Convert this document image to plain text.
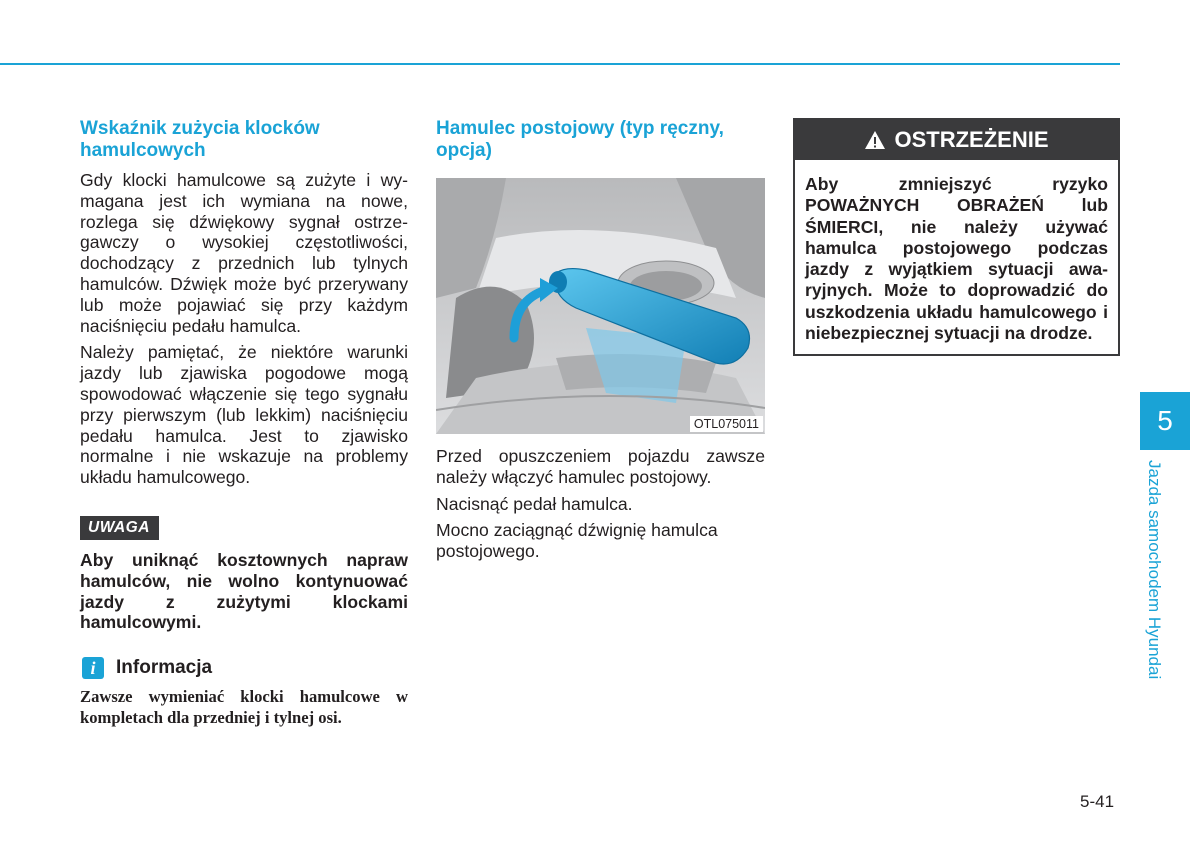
Wskaźnik zużycia klocków hamulcowych

Gdy klocki hamulcowe są zużyte i wymagana jest ich wymiana na nowe, rozlega się dźwiękowy sygnał ostrzegawczy o wysokiej częstotliwości, dochodzący z przednich lub tylnych hamulców. Dźwięk może być przerywany lub może pojawiać się przy każdym naciśnięciu pedału hamulca.

Należy pamiętać, że niektóre warunki jazdy lub zjawiska pogodowe mogą spowodować włączenie się tego sygnału przy pierwszym (lub lekkim) naciśnięciu pedału hamulca. Jest to zjawisko normalne i nie wskazuje na problemy układu hamulcowego.

UWAGA

Aby uniknąć kosztownych napraw hamulców, nie wolno kontynuować jazdy z zużytymi klockami hamulcowymi.

i	Informacja

Zawsze wymieniać klocki hamulcowe w kompletach dla przedniej i tylnej osi.

Hamulec postojowy (typ ręczny, opcja)
OTL075011

Przed opuszczeniem pojazdu zawsze należy włączyć hamulec postojowy.

Nacisnąć pedał hamulca.

Mocno zaciągnąć dźwignię hamulca postojowego.

OSTRZEŻENIE
Aby zmniejszyć ryzyko POWAŻNYCH OBRAŻEŃ lub ŚMIERCI, nie należy używać hamulca postojowego podczas jazdy z wyjątkiem sytuacji awaryjnych. Może to doprowadzić do uszkodzenia układu hamulcowego i niebezpiecznej sytuacji na drodze.
5
Jazda samochodem Hyundai
5-41
